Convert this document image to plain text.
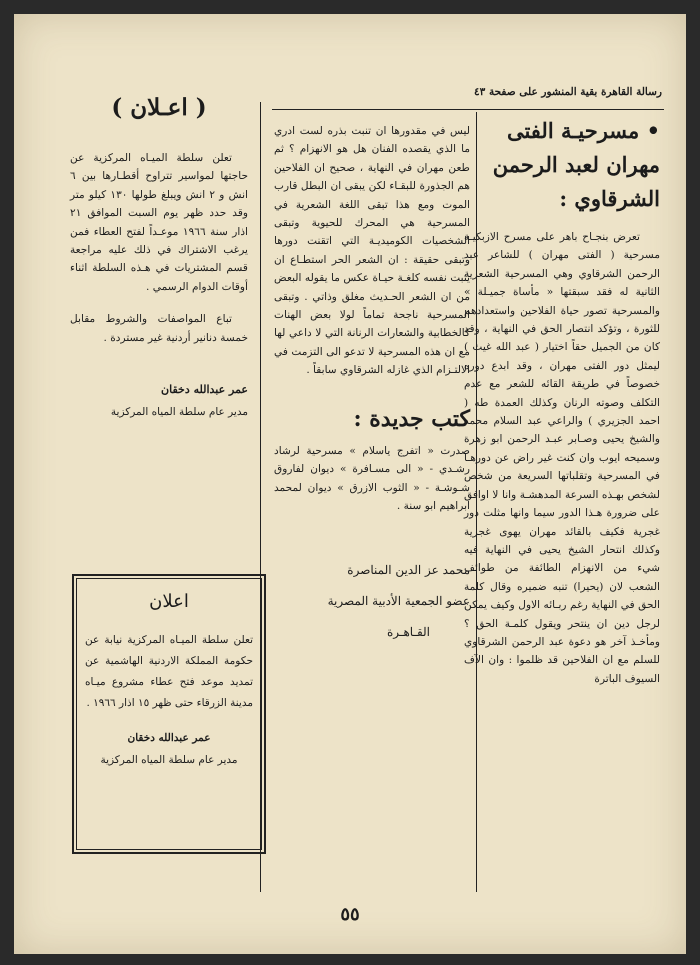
رسالة القاهرة بقية المنشور على صفحة ٤٣
• مسرحيـة الفتى مهران لعبد الرحمن الشرقاوي :

تعرض بنجـاح باهر على مسرح الازبكيـة مسرحية ( الفتى مهران ) للشاعر عبد الرحمن الشرقاوي وهي المسرحية الشعرية الثانية له فقد سبقتها « مأساة جميـلة » والمسرحية تصور حياة الفلاحين واستعدادهم للثورة ، وتؤكد انتصار الحق في النهاية ، وقد كان من الجميل حقاً اختيار ( عبد الله غيث ) ليمثل دور الفتى مهران ، وقد ابدع دوره خصوصاً في طريقة القائه للشعر مع عدم التكلف وصوته الرنان وكذلك العمدة طه ( احمد الجزيري ) والراعي عبد السلام محمد والشيخ يحيى وصـابر عبـد الرحمن ابو زهرة وسميحه ايوب وان كنت غير راض عن دورهـا في المسرحية وتقلباتها السريعة من شخص لشخص بهـذه السرعة المدهشـة وانا لا اوافق على ضرورة هـذا الدور سيما وانها مثلت دور غجرية فكيف بالقائد مهران يهوى غجرية وكذلك انتحار الشيخ يحيى في النهاية فيه شيء من الانهزام الطائفة من طوائف الشعب لان (يحيرا) تنبه ضميره وقال كلمة الحق في النهاية رغم ربـائه الاول وكيف يمكن لرجل دين ان ينتحر ويقول كلمـة الحق ؟ ومأخـذ آخر هو دعوة عبد الرحمن الشرقاوي للسلم مع ان الفلاحين قد ظلموا : وان الآف السيوف الباترة

ليس في مقدورها ان تنبت بذره لست ادري ما الذي يقصده الفنان هل هو الانهزام ؟ ثم طعن مهران في النهاية ، صحيح ان الفلاحين هم الجذورة للبقـاء لكن يبقى ان البطل قارب الموت ومع هذا تبقى اللغة الشعرية في المسرحية هي المحرك للحيوية وتبقى الشخصيات الكوميديـة التي اتقنت دورها وتبقى حقيقة : ان الشعر الحر استطـاع ان يثبت نفسه كلغـة حيـاة عكس ما يقوله البعض من ان الشعر الحـديث مغلق وذاتي . وتبقى المسرحية ناجحة تماماً لولا بعض الهنات كالخطابية والشعارات الرنانة التي لا داعي لها مع ان هذه المسرحية لا تدعو الى التزمت في الالتـزام الذي غازله الشرقاوي سابقاً .

كتب جديدة :

صدرت « اتفرج ياسلام » مسرحية لرشاد رشـدي - « الى مسـافرة » ديوان لفاروق شـوشـة - « الثوب الازرق » ديوان لمحمد ابراهيم ابو سنة .

محمد عز الدين المناصرة
عضو الجمعية الأدبية المصرية
القـاهـرة
( اعـلان )

تعلن سلطة الميـاه المركزية عن حاجتها لمواسير تتراوح أقطـارها بين ٦ انش و ٢ انش ويبلغ طولها ١٣٠ كيلو متر وقد حدد ظهر يوم السبت الموافق ٢١ اذار سنة ١٩٦٦ موعـداً لفتح العطاء فمن يرغب الاشتراك في ذلك عليه مراجعة قسم المشتريات في هـذه السلطة اثناء أوقات الدوام الرسمي .

تباع المواصفات والشروط مقابل خمسة دنانير أردنية غير مستردة .

عمر عبدالله دخقان
مدير عام سلطة المياه المركزية
اعلان
تعلن سلطة الميـاه المركزية نيابة عن حكومة المملكة الاردنية الهاشمية عن تمديد موعد فتح عطاء مشروع ميـاه مدينة الزرقاء حتى ظهر ١٥ اذار ١٩٦٦ .
عمر عبدالله دخقان
مدير عام سلطة المياه المركزية
٥٥
